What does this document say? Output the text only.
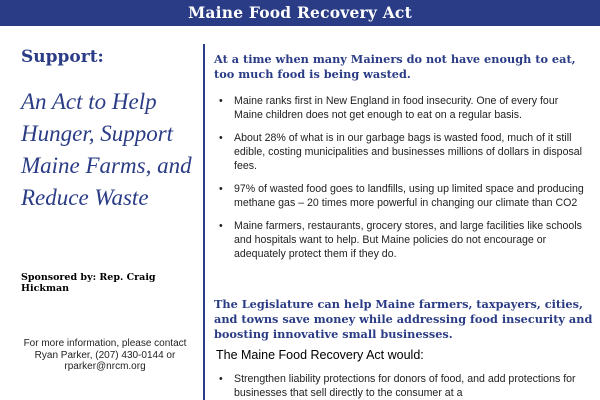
Maine Food Recovery Act
Support:
An Act to Help Hunger, Support Maine Farms, and Reduce Waste
Sponsored by: Rep. Craig Hickman
For more information, please contact
Ryan Parker, (207) 430-0144 or
rparker@nrcm.org

At a time when many Mainers do not have enough to eat, too much food is being wasted.

• Maine ranks first in New England in food insecurity. One of every four Maine children does not get enough to eat on a regular basis.
• About 28% of what is in our garbage bags is wasted food, much of it still edible, costing municipalities and businesses millions of dollars in disposal fees.
• 97% of wasted food goes to landfills, using up limited space and producing methane gas – 20 times more powerful in changing our climate than CO2
• Maine farmers, restaurants, grocery stores, and large facilities like schools and hospitals want to help. But Maine policies do not encourage or adequately protect them if they do.

The Legislature can help Maine farmers, taxpayers, cities, and towns save money while addressing food insecurity and boosting innovative small businesses.

The Maine Food Recovery Act would:
• Strengthen liability protections for donors of food, and add protections for businesses that sell directly to the consumer at a
